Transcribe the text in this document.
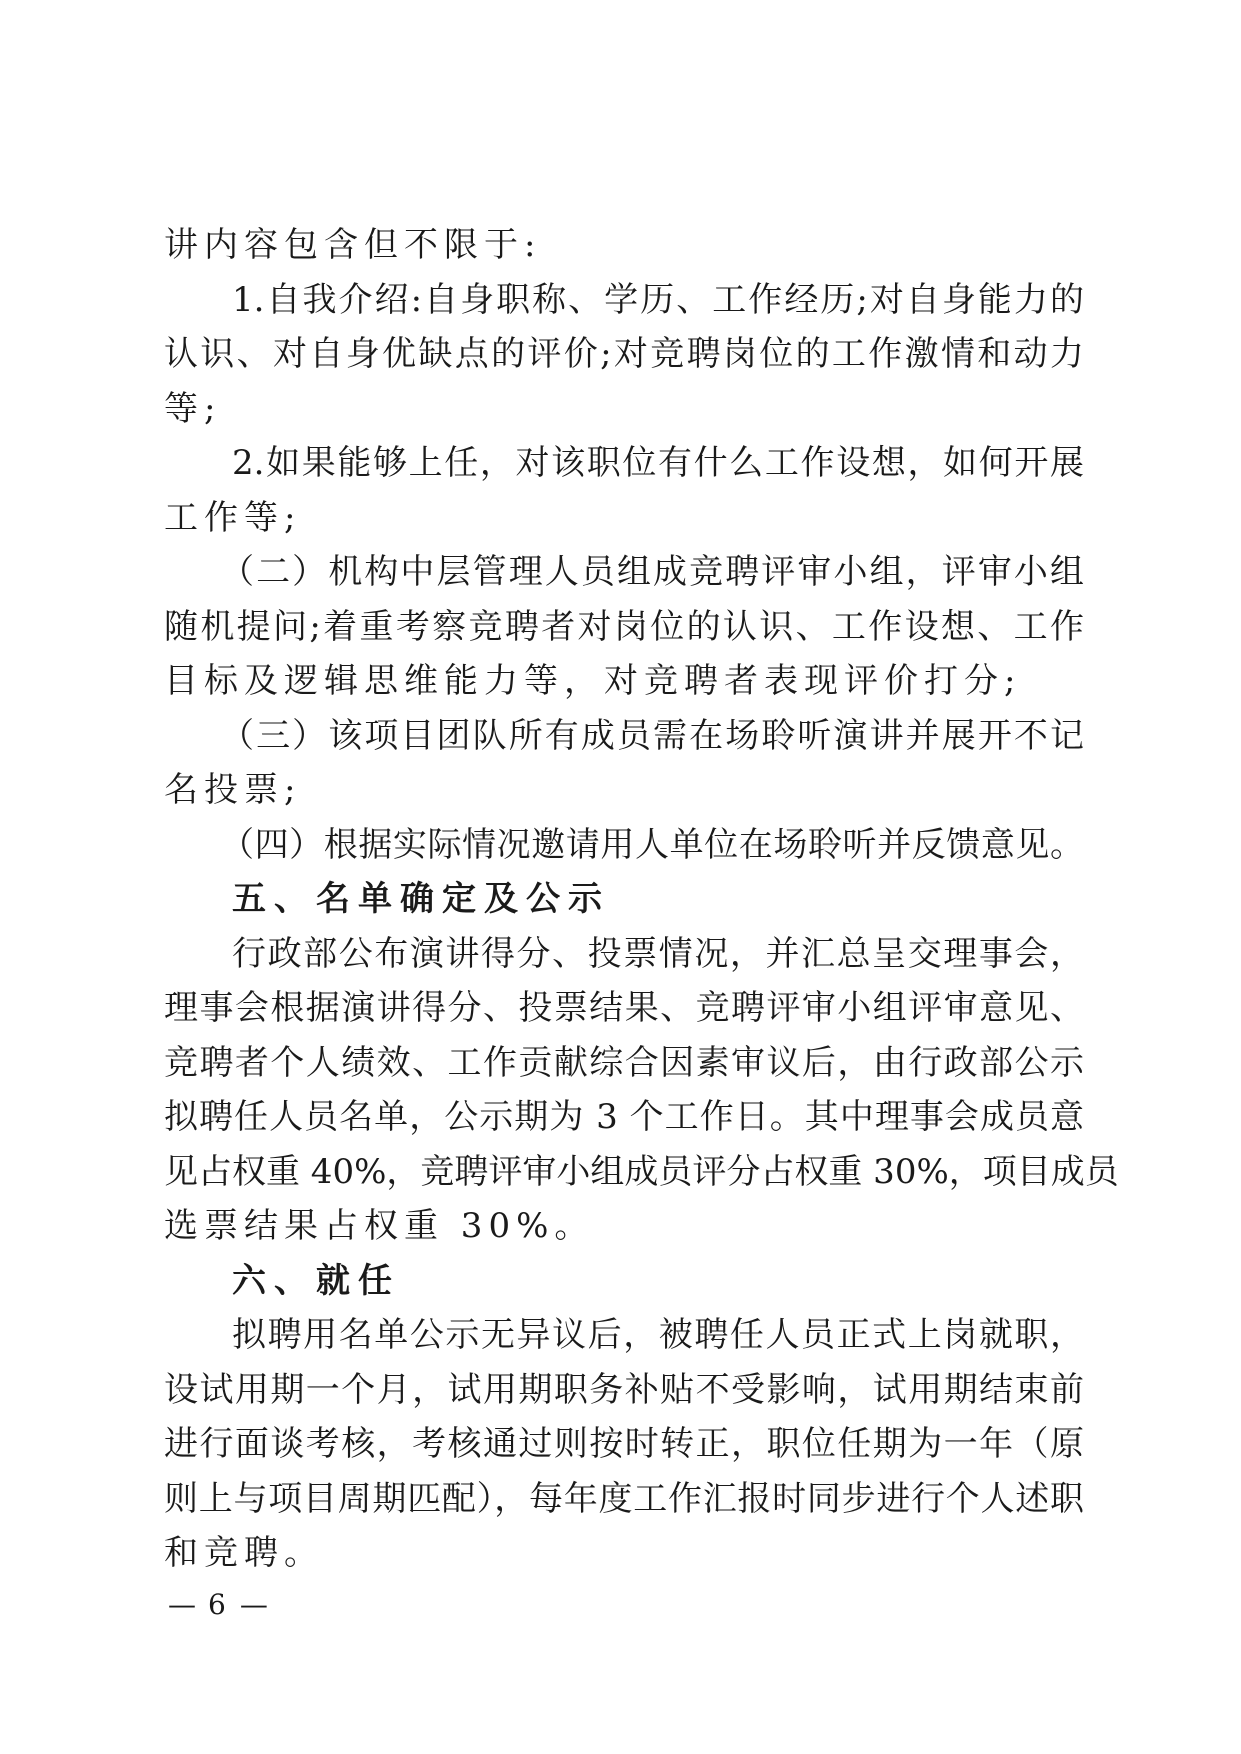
讲内容包含但不限于:
1.自我介绍:自身职称、学历、工作经历;对自身能力的
认识、对自身优缺点的评价;对竞聘岗位的工作激情和动力
等;
2.如果能够上任，对该职位有什么工作设想，如何开展
工作等;
（二）机构中层管理人员组成竞聘评审小组，评审小组
随机提问;着重考察竞聘者对岗位的认识、工作设想、工作
目标及逻辑思维能力等，对竞聘者表现评价打分;
（三）该项目团队所有成员需在场聆听演讲并展开不记
名投票;
（四）根据实际情况邀请用人单位在场聆听并反馈意见。
五、名单确定及公示
行政部公布演讲得分、投票情况，并汇总呈交理事会，
理事会根据演讲得分、投票结果、竞聘评审小组评审意见、
竞聘者个人绩效、工作贡献综合因素审议后，由行政部公示
拟聘任人员名单，公示期为 3 个工作日。其中理事会成员意
见占权重 40%，竞聘评审小组成员评分占权重 30%，项目成员
选票结果占权重 30%。
六、就任
拟聘用名单公示无异议后，被聘任人员正式上岗就职，
设试用期一个月，试用期职务补贴不受影响，试用期结束前
进行面谈考核，考核通过则按时转正，职位任期为一年（原
则上与项目周期匹配），每年度工作汇报时同步进行个人述职
和竞聘。
— 6 —
